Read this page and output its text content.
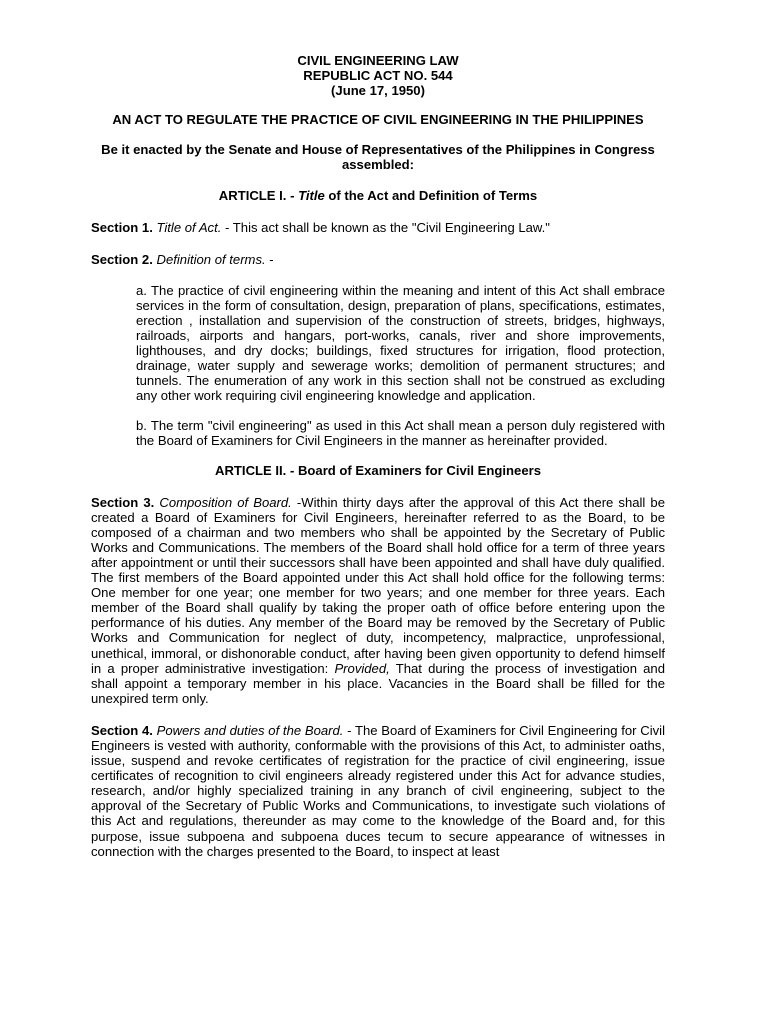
CIVIL ENGINEERING LAW
REPUBLIC ACT NO. 544
(June 17, 1950)
AN ACT TO REGULATE THE PRACTICE OF CIVIL ENGINEERING IN THE PHILIPPINES
Be it enacted by the Senate and House of Representatives of the Philippines in Congress assembled:
ARTICLE I. - Title of the Act and Definition of Terms

Section 1. Title of Act. - This act shall be known as the "Civil Engineering Law."

Section 2. Definition of terms. -

a. The practice of civil engineering within the meaning and intent of this Act shall embrace services in the form of consultation, design, preparation of plans, specifications, estimates, erection , installation and supervision of the construction of streets, bridges, highways, railroads, airports and hangars, port-works, canals, river and shore improvements, lighthouses, and dry docks; buildings, fixed structures for irrigation, flood protection, drainage, water supply and sewerage works; demolition of permanent structures; and tunnels. The enumeration of any work in this section shall not be construed as excluding any other work requiring civil engineering knowledge and application.

b. The term "civil engineering" as used in this Act shall mean a person duly registered with the Board of Examiners for Civil Engineers in the manner as hereinafter provided.

ARTICLE II. - Board of Examiners for Civil Engineers

Section 3. Composition of Board. -Within thirty days after the approval of this Act there shall be created a Board of Examiners for Civil Engineers, hereinafter referred to as the Board, to be composed of a chairman and two members who shall be appointed by the Secretary of Public Works and Communications. The members of the Board shall hold office for a term of three years after appointment or until their successors shall have been appointed and shall have duly qualified. The first members of the Board appointed under this Act shall hold office for the following terms: One member for one year; one member for two years; and one member for three years. Each member of the Board shall qualify by taking the proper oath of office before entering upon the performance of his duties. Any member of the Board may be removed by the Secretary of Public Works and Communication for neglect of duty, incompetency, malpractice, unprofessional, unethical, immoral, or dishonorable conduct, after having been given opportunity to defend himself in a proper administrative investigation: Provided, That during the process of investigation and shall appoint a temporary member in his place. Vacancies in the Board shall be filled for the unexpired term only.

Section 4. Powers and duties of the Board. - The Board of Examiners for Civil Engineering for Civil Engineers is vested with authority, conformable with the provisions of this Act, to administer oaths, issue, suspend and revoke certificates of registration for the practice of civil engineering, issue certificates of recognition to civil engineers already registered under this Act for advance studies, research, and/or highly specialized training in any branch of civil engineering, subject to the approval of the Secretary of Public Works and Communications, to investigate such violations of this Act and regulations, thereunder as may come to the knowledge of the Board and, for this purpose, issue subpoena and subpoena duces tecum to secure appearance of witnesses in connection with the charges presented to the Board, to inspect at least
